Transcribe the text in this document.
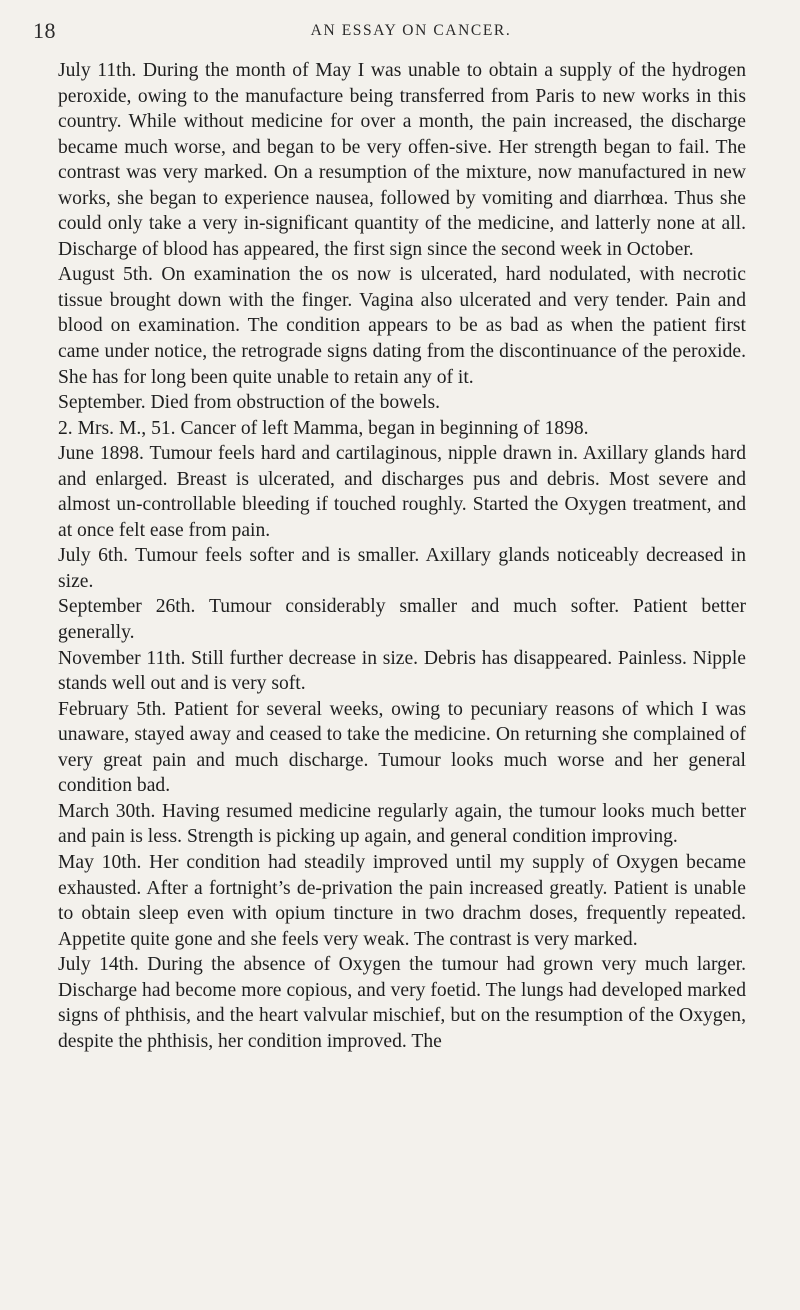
18	AN ESSAY ON CANCER.

July 11th. During the month of May I was unable to obtain a supply of the hydrogen peroxide, owing to the manufacture being transferred from Paris to new works in this country. While without medicine for over a month, the pain increased, the discharge became much worse, and began to be very offen-sive. Her strength began to fail. The contrast was very marked. On a resumption of the mixture, now manufactured in new works, she began to experience nausea, followed by vomiting and diarrhœa. Thus she could only take a very in-significant quantity of the medicine, and latterly none at all. Discharge of blood has appeared, the first sign since the second week in October.

August 5th. On examination the os now is ulcerated, hard nodulated, with necrotic tissue brought down with the finger. Vagina also ulcerated and very tender. Pain and blood on examination. The condition appears to be as bad as when the patient first came under notice, the retrograde signs dating from the discontinuance of the peroxide. She has for long been quite unable to retain any of it.

September. Died from obstruction of the bowels.

2. Mrs. M., 51. Cancer of left Mamma, began in beginning of 1898.

June 1898. Tumour feels hard and cartilaginous, nipple drawn in. Axillary glands hard and enlarged. Breast is ulcerated, and discharges pus and debris. Most severe and almost un-controllable bleeding if touched roughly. Started the Oxygen treatment, and at once felt ease from pain.

July 6th. Tumour feels softer and is smaller. Axillary glands noticeably decreased in size.

September 26th. Tumour considerably smaller and much softer. Patient better generally.

November 11th. Still further decrease in size. Debris has disappeared. Painless. Nipple stands well out and is very soft.

February 5th. Patient for several weeks, owing to pecuniary reasons of which I was unaware, stayed away and ceased to take the medicine. On returning she complained of very great pain and much discharge. Tumour looks much worse and her general condition bad.

March 30th. Having resumed medicine regularly again, the tumour looks much better and pain is less. Strength is picking up again, and general condition improving.

May 10th. Her condition had steadily improved until my supply of Oxygen became exhausted. After a fortnight’s de-privation the pain increased greatly. Patient is unable to obtain sleep even with opium tincture in two drachm doses, frequently repeated. Appetite quite gone and she feels very weak. The contrast is very marked.

July 14th. During the absence of Oxygen the tumour had grown very much larger. Discharge had become more copious, and very foetid. The lungs had developed marked signs of phthisis, and the heart valvular mischief, but on the resumption of the Oxygen, despite the phthisis, her condition improved. The
